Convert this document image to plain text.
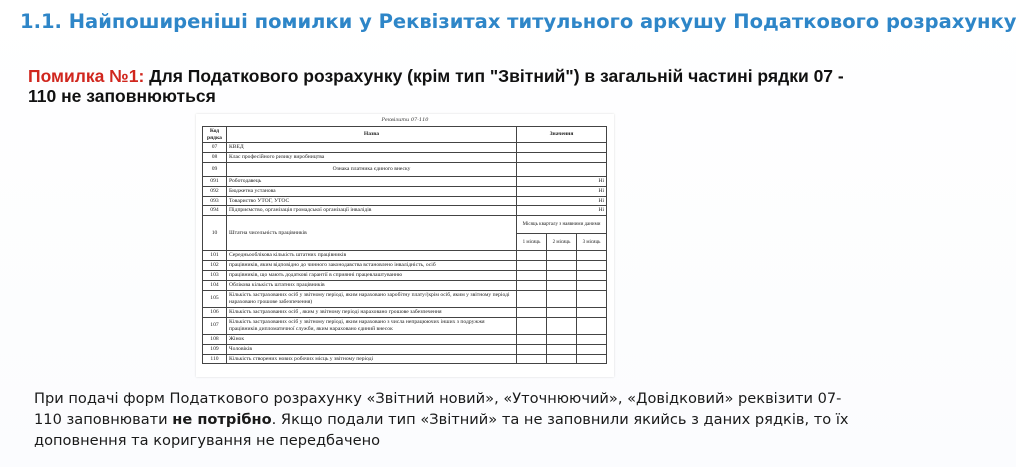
1.1. Найпоширеніші помилки у Реквізитах титульного аркушу Податкового розрахунку
Помилка №1: Для Податкового розрахунку (крім тип "Звітний") в загальній частині рядки 07 - 110 не заповнюються
Реквізити 07-110
Код рядка	Назва	Значення		
07	КВЕД			
08	Клас професійного ризику виробництва			
09	Ознака платника єдиного внеску			
091	Роботодавець	Ні		
092	Бюджетна установа	Ні		
093	Товариство УТОГ, УТОС	Ні		
094	Підприємство, організація громадської організації інвалідів	Ні		
10	Штатна чисельність працівників	Місяць кварталу з наявними даними		
		1 місяць	2 місяць	3 місяць
101	Середньооблікова кількість штатних працівників			
102	працівників, яким відповідно до чинного законодавства встановлено інвалідність, осіб			
103	працівників, що мають додаткові гарантії в сприянні працевлаштуванню			
104	Облікова кількість штатних працівників			
105	Кількість застрахованих осіб у звітному періоді, яким нараховано заробітну плату/(крім осіб, яким у звітному періоді нараховано грошове забезпечення)			
106	Кількість застрахованих осіб , яким у звітному періоді нараховано грошове забезпечення			
107	Кількість застрахованих осіб у звітному періоді, яким нараховано з числа непрацюючих інших з подружжя працівників дипломатичної служби, яким нараховано єдиний внесок			
108	Жінок			
109	Чоловіків			
110	Кількість створених нових робочих місць у звітному періоді			
При подачі форм Податкового розрахунку «Звітний новий», «Уточнюючий», «Довідковий» реквізити 07-110 заповнювати не потрібно. Якщо подали тип «Звітний» та не заповнили якийсь з даних рядків, то їх доповнення та коригування не передбачено
